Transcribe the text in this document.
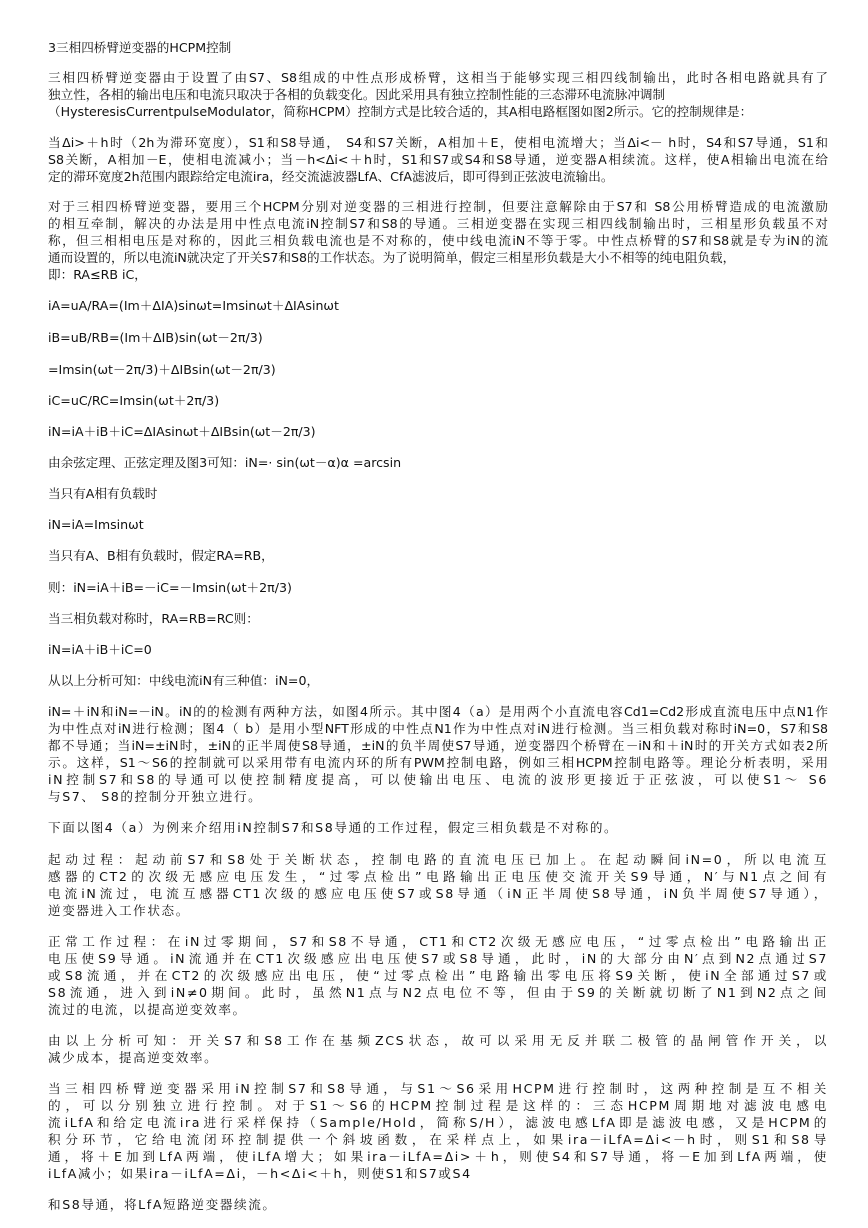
3三相四桥臂逆变器的HCPM控制
三相四桥臂逆变器由于设置了由S7、S8组成的中性点形成桥臂，这相当于能够实现三相四线制输出，此时各相电路就具有了
独立性，各相的输出电压和电流只取决于各相的负载变化。因此采用具有独立控制性能的三态滞环电流脉冲调制
（HysteresisCurrentpulseModulator，简称HCPM）控制方式是比较合适的，其A相电路框图如图2所示。它的控制规律是：
当Δi>＋h时（2h为滞环宽度），S1和S8导通， S4和S7关断，A相加＋E，使相电流增大；当Δi<－ h时，S4和S7导通，S1和
S8关断，A相加－E，使相电流减小；当－h<Δi<＋h时，S1和S7或S4和S8导通，逆变器A相续流。这样，使A相输出电流在给
定的滞环宽度2h范围内跟踪给定电流ira，经交流滤波器LfA、CfA滤波后，即可得到正弦波电流输出。
对于三相四桥臂逆变器，要用三个HCPM分别对逆变器的三相进行控制，但要注意解除由于S7和 S8公用桥臂造成的电流激励
的相互牵制，解决的办法是用中性点电流iN控制S7和S8的导通。三相逆变器在实现三相四线制输出时，三相星形负载虽不对
称，但三相相电压是对称的，因此三相负载电流也是不对称的，使中线电流iN不等于零。中性点桥臂的S7和S8就是专为iN的流
通而设置的，所以电流iN就决定了开关S7和S8的工作状态。为了说明简单，假定三相星形负载是大小不相等的纯电阻负载，
即：RA≤RB iC，
iA=uA/RA=(Im＋ΔIA)sinωt=Imsinωt＋ΔIAsinωt
iB=uB/RB=(Im＋ΔIB)sin(ωt－2π/3)
=Imsin(ωt－2π/3)＋ΔIBsin(ωt－2π/3)
iC=uC/RC=Imsin(ωt＋2π/3)
iN=iA＋iB＋iC=ΔIAsinωt＋ΔIBsin(ωt－2π/3)
由余弦定理、正弦定理及图3可知：iN=· sin(ωt－α)α =arcsin
当只有A相有负载时
iN=iA=Imsinωt
当只有A、B相有负载时，假定RA=RB，
则：iN=iA＋iB=－iC=－Imsin(ωt＋2π/3)
当三相负载对称时，RA=RB=RC则：
iN=iA＋iB＋iC=0
从以上分析可知：中线电流iN有三种值：iN=0，
iN=＋iN和iN=－iN。iN的的检测有两种方法，如图4所示。其中图4（a）是用两个小直流电容Cd1=Cd2形成直流电压中点N1作
为中性点对iN进行检测；图4（ b）是用小型NFT形成的中性点N1作为中性点对iN进行检测。当三相负载对称时iN=0，S7和S8
都不导通；当iN=±iN时，±iN的正半周使S8导通，±iN的负半周使S7导通，逆变器四个桥臂在－iN和＋iN时的开关方式如表2所
示。这样，S1～S6的控制就可以采用带有电流内环的所有PWM控制电路，例如三相HCPM控制电路等。理论分析表明，采用
iN控制S7和S8的导通可以使控制精度提高，可以使输出电压、电流的波形更接近于正弦波，可以使S1～ S6
与S7、 S8的控制分开独立进行。
下面以图4（a）为例来介绍用iN控制S7和S8导通的工作过程，假定三相负载是不对称的。
起动过程：起动前S7和S8处于关断状态，控制电路的直流电压已加上。在起动瞬间iN=0，所以电流互
感器的CT2的次级无感应电压发生，“过零点检出”电路输出正电压使交流开关S9导通，N′与N1点之间有
电流iN流过，电流互感器CT1次级的感应电压使S7或S8导通（iN正半周使S8导通，iN负半周使S7导通），
逆变器进入工作状态。
正常工作过程：在iN过零期间，S7和S8不导通，CT1和CT2次级无感应电压，“过零点检出”电路输出正
电压使S9导通。iN流通并在CT1次级感应出电压使S7或S8导通，此时，iN的大部分由N′点到N2点通过S7
或S8流通，并在CT2的次级感应出电压，使“过零点检出”电路输出零电压将S9关断，使iN全部通过S7或
S8流通，进入到iN≠0期间。此时，虽然N1点与N2点电位不等，但由于S9的关断就切断了N1到N2点之间
流过的电流，以提高逆变效率。
由以上分析可知：开关S7和S8工作在基频ZCS状态，故可以采用无反并联二极管的晶闸管作开关，以
减少成本，提高逆变效率。
当三相四桥臂逆变器采用iN控制S7和S8导通，与S1～S6采用HCPM进行控制时，这两种控制是互不相关
的，可以分别独立进行控制。对于S1～S6的HCPM控制过程是这样的：三态HCPM周期地对滤波电感电
流iLfA和给定电流ira进行采样保持（Sample/Hold，简称S/H），滤波电感LfA即是滤波电感，又是HCPM的
积分环节，它给电流闭环控制提供一个斜坡函数，在采样点上，如果ira－iLfA=Δi<－h时，则S1和S8导
通，将＋E加到LfA两端，使iLfA增大；如果ira－iLfA=Δi>＋h，则使S4和S7导通，将－E加到LfA两端，使
iLfA减小；如果ira－iLfA=Δi，－h<Δi<＋h，则使S1和S7或S4
和S8导通，将LfA短路逆变器续流。
